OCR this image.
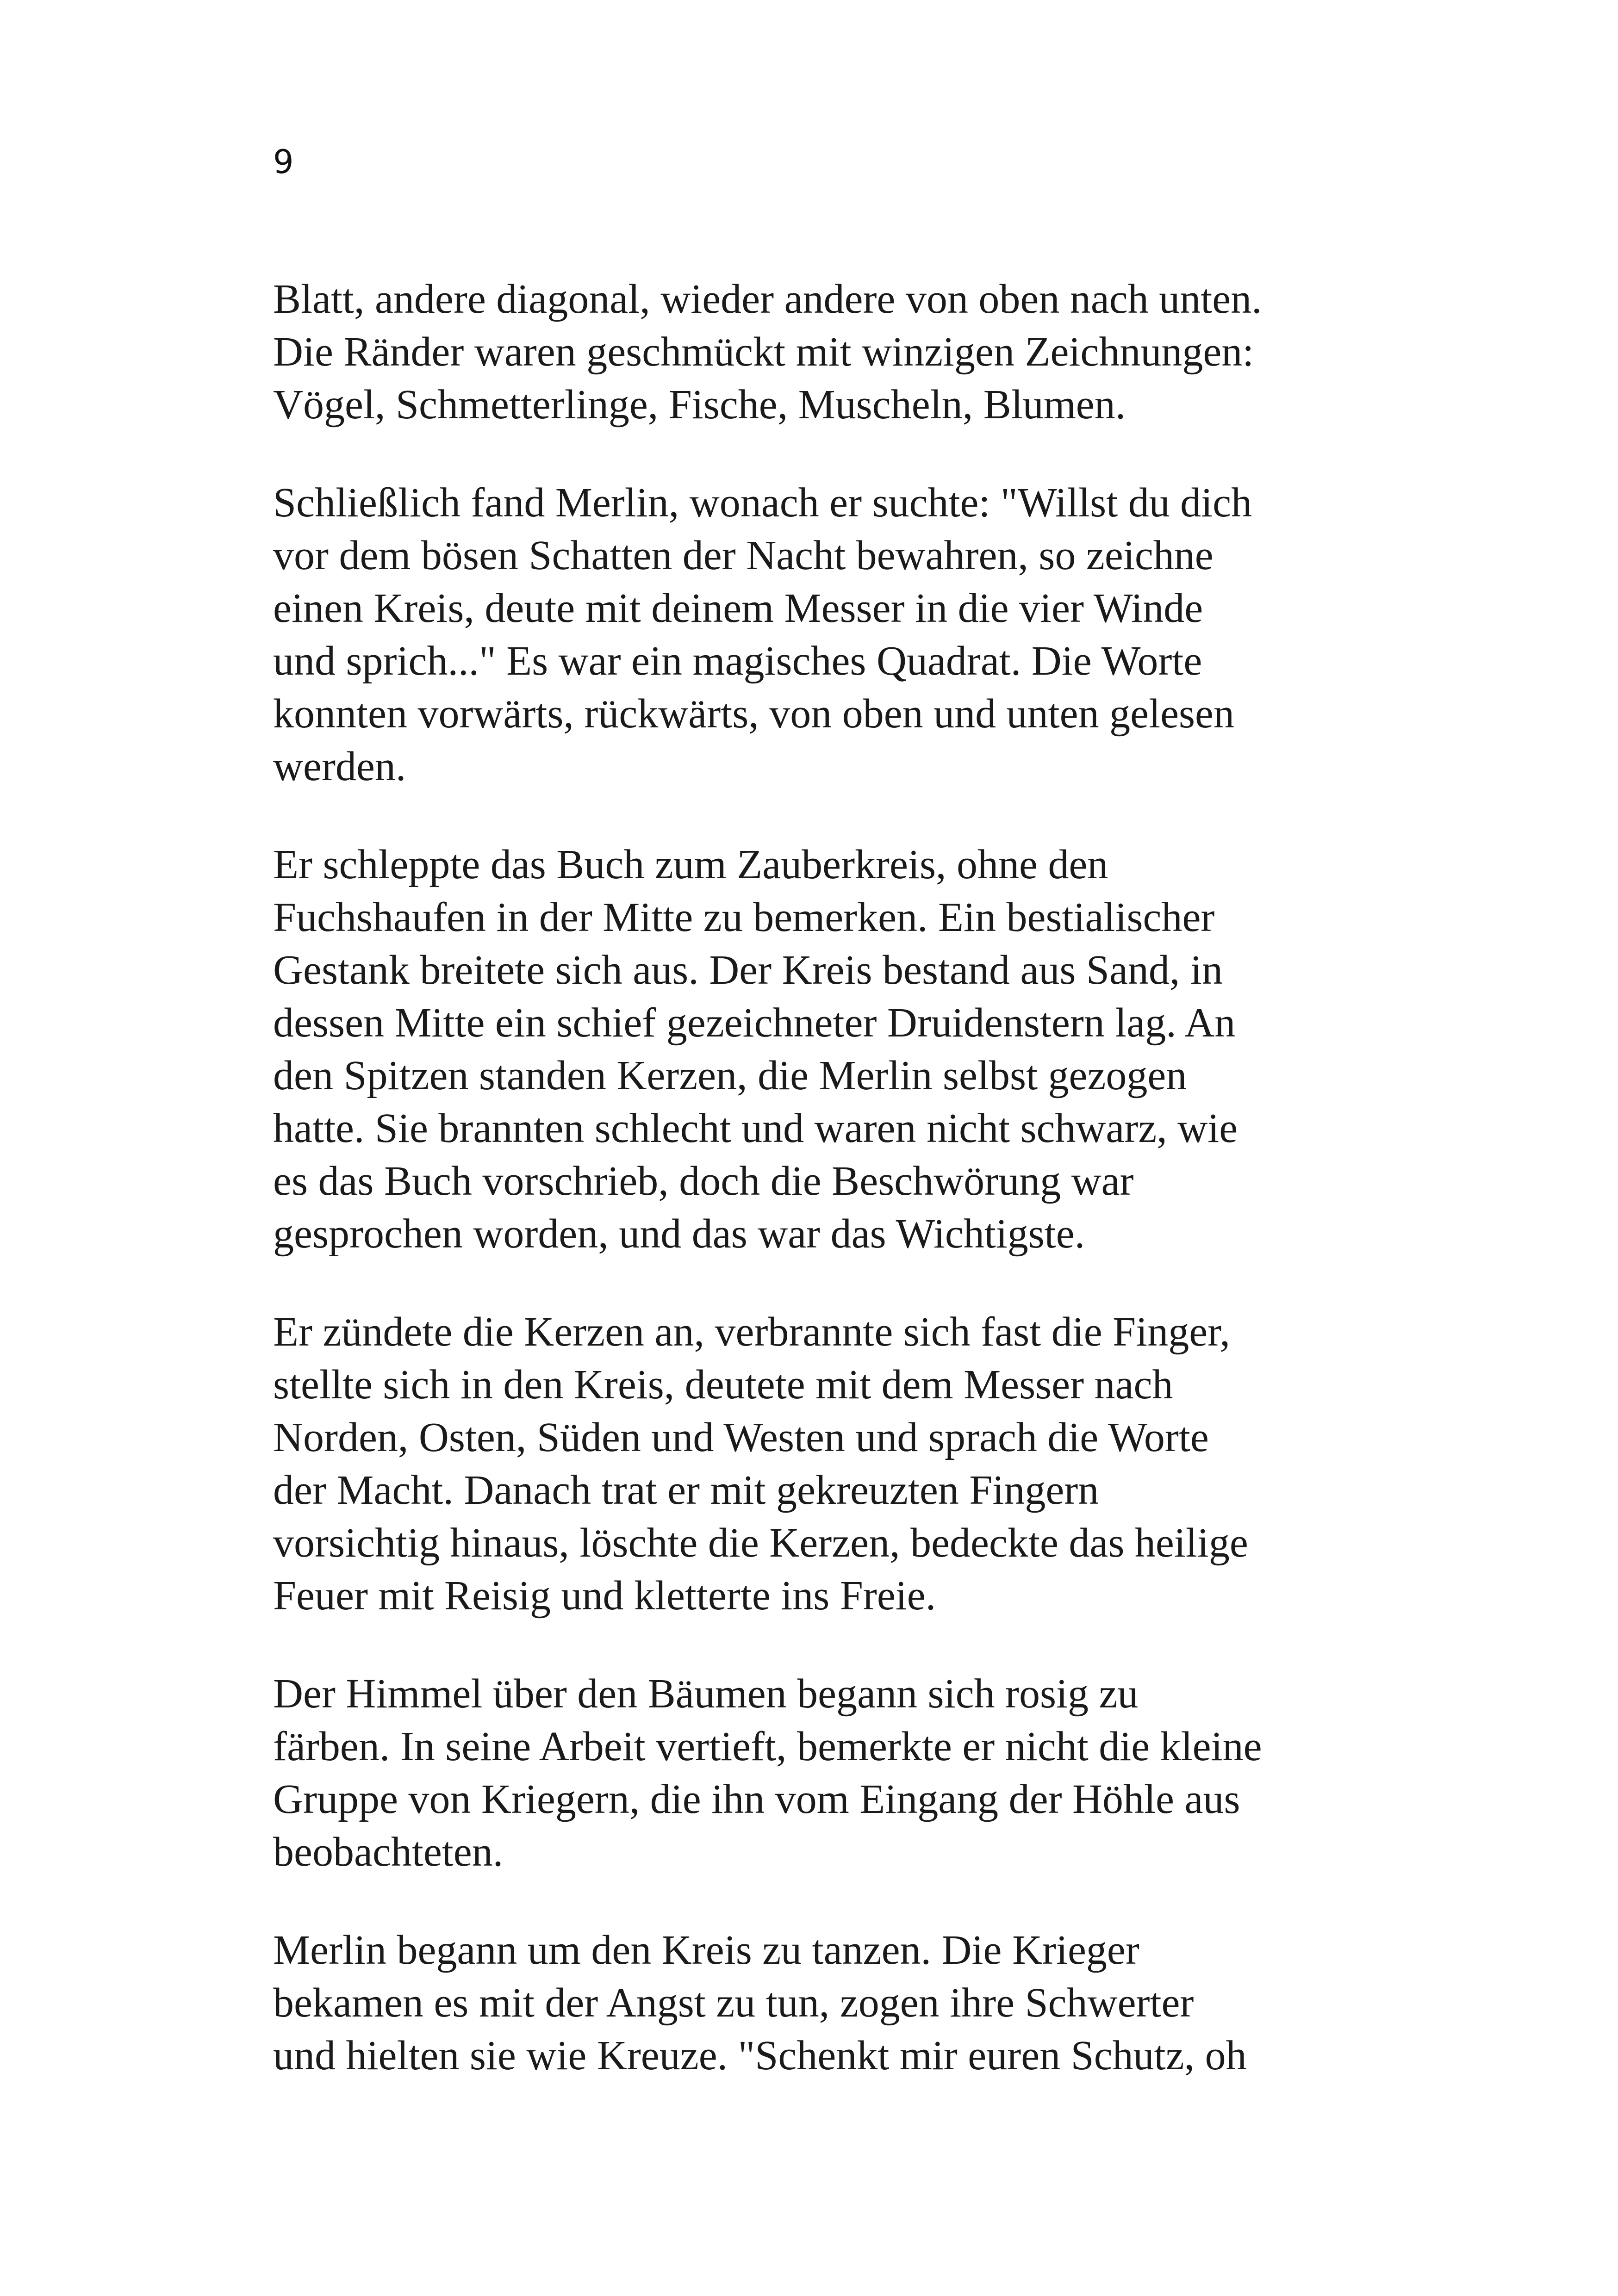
9
Blatt, andere diagonal, wieder andere von oben nach unten.
Die Ränder waren geschmückt mit winzigen Zeichnungen:
Vögel, Schmetterlinge, Fische, Muscheln, Blumen.
Schließlich fand Merlin, wonach er suchte: "Willst du dich
vor dem bösen Schatten der Nacht bewahren, so zeichne
einen Kreis, deute mit deinem Messer in die vier Winde
und sprich..." Es war ein magisches Quadrat. Die Worte
konnten vorwärts, rückwärts, von oben und unten gelesen
werden.
Er schleppte das Buch zum Zauberkreis, ohne den
Fuchshaufen in der Mitte zu bemerken. Ein bestialischer
Gestank breitete sich aus. Der Kreis bestand aus Sand, in
dessen Mitte ein schief gezeichneter Druidenstern lag. An
den Spitzen standen Kerzen, die Merlin selbst gezogen
hatte. Sie brannten schlecht und waren nicht schwarz, wie
es das Buch vorschrieb, doch die Beschwörung war
gesprochen worden, und das war das Wichtigste.
Er zündete die Kerzen an, verbrannte sich fast die Finger,
stellte sich in den Kreis, deutete mit dem Messer nach
Norden, Osten, Süden und Westen und sprach die Worte
der Macht. Danach trat er mit gekreuzten Fingern
vorsichtig hinaus, löschte die Kerzen, bedeckte das heilige
Feuer mit Reisig und kletterte ins Freie.
Der Himmel über den Bäumen begann sich rosig zu
färben. In seine Arbeit vertieft, bemerkte er nicht die kleine
Gruppe von Kriegern, die ihn vom Eingang der Höhle aus
beobachteten.
Merlin begann um den Kreis zu tanzen. Die Krieger
bekamen es mit der Angst zu tun, zogen ihre Schwerter
und hielten sie wie Kreuze. "Schenkt mir euren Schutz, oh
